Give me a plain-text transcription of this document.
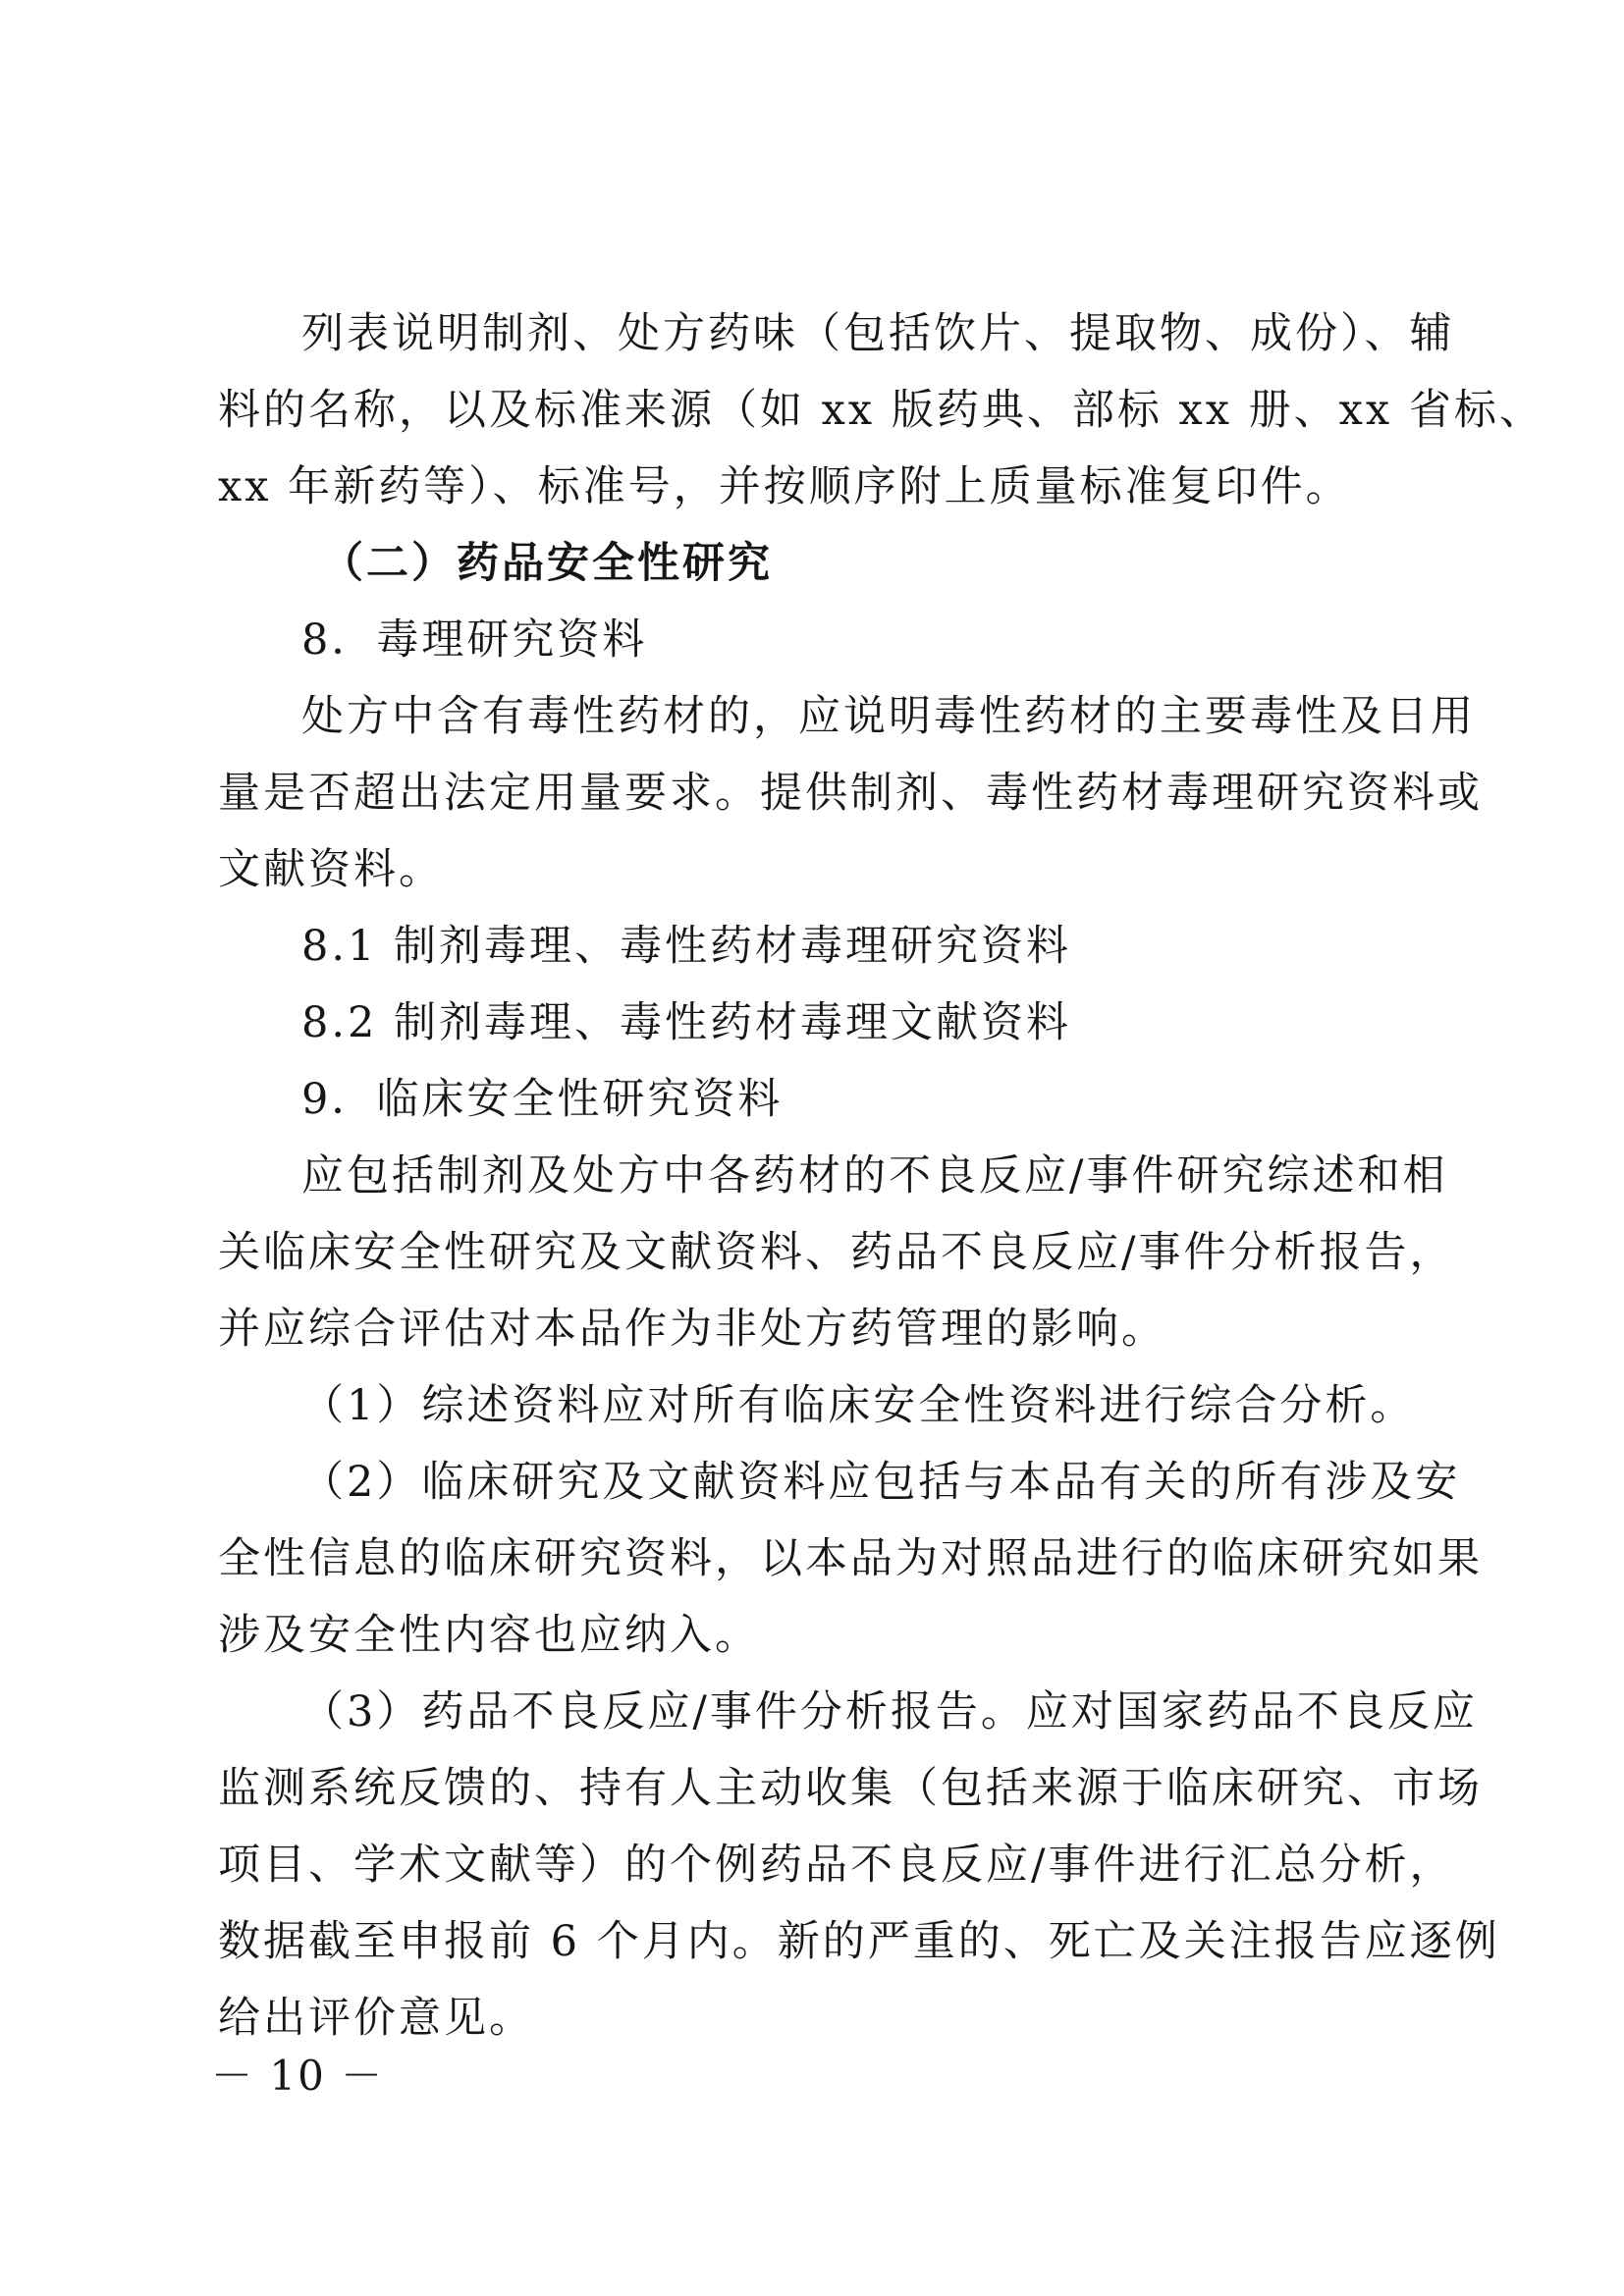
列表说明制剂、处方药味（包括饮片、提取物、成份）、辅
料的名称，以及标准来源（如 xx 版药典、部标 xx 册、xx 省标、
xx 年新药等）、标准号，并按顺序附上质量标准复印件。
（二）药品安全性研究
8．毒理研究资料
处方中含有毒性药材的，应说明毒性药材的主要毒性及日用
量是否超出法定用量要求。提供制剂、毒性药材毒理研究资料或
文献资料。
8.1 制剂毒理、毒性药材毒理研究资料
8.2 制剂毒理、毒性药材毒理文献资料
9．临床安全性研究资料
应包括制剂及处方中各药材的不良反应/事件研究综述和相
关临床安全性研究及文献资料、药品不良反应/事件分析报告，
并应综合评估对本品作为非处方药管理的影响。
（1）综述资料应对所有临床安全性资料进行综合分析。
（2）临床研究及文献资料应包括与本品有关的所有涉及安
全性信息的临床研究资料，以本品为对照品进行的临床研究如果
涉及安全性内容也应纳入。
（3）药品不良反应/事件分析报告。应对国家药品不良反应
监测系统反馈的、持有人主动收集（包括来源于临床研究、市场
项目、学术文献等）的个例药品不良反应/事件进行汇总分析，
数据截至申报前 6 个月内。新的严重的、死亡及关注报告应逐例
给出评价意见。
－ 10 －
